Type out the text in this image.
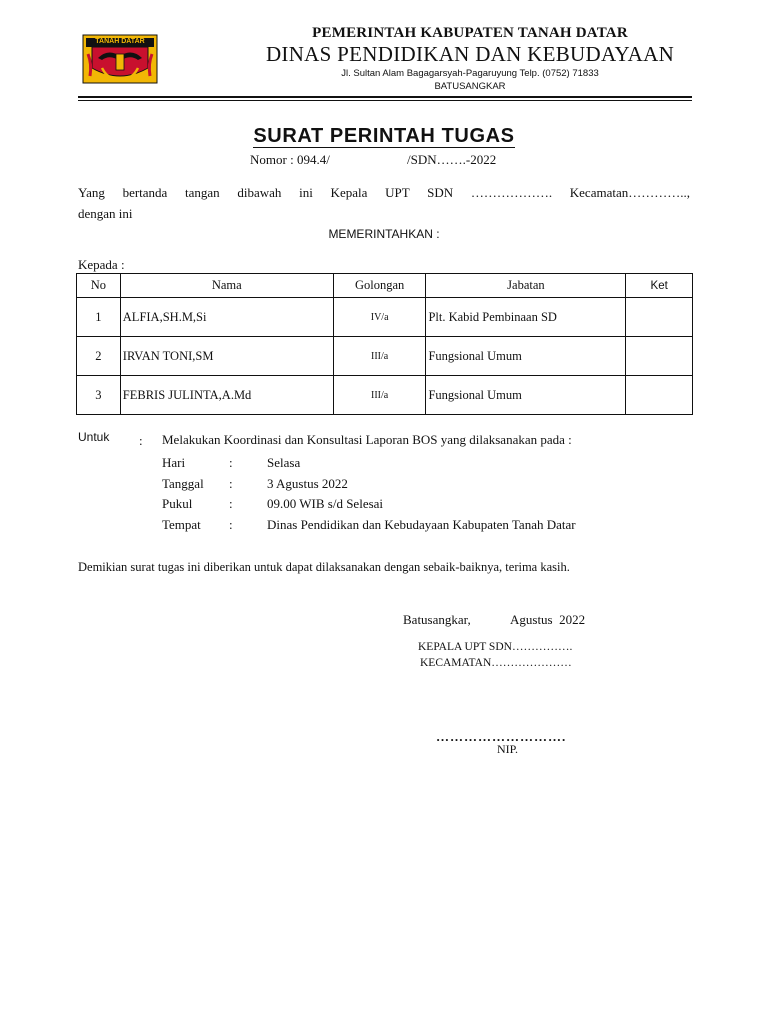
TANAH DATAR
PEMERINTAH KABUPATEN TANAH DATAR
DINAS PENDIDIKAN DAN KEBUDAYAAN
Jl. Sultan Alam Bagagarsyah-Pagaruyung Telp. (0752) 71833
BATUSANGKAR
SURAT PERINTAH TUGAS
Nomor : 094.4/	/SDN…….-2022
Yang bertanda tangan dibawah ini Kepala UPT SDN ………………. Kecamatan…………..,
dengan ini
MEMERINTAHKAN :
Kepada :
No	Nama	Golongan	Jabatan	Ket
1	ALFIA,SH.M,Si	IV/a	Plt. Kabid Pembinaan SD	
2	IRVAN TONI,SM	III/a	Fungsional Umum	
3	FEBRIS JULINTA,A.Md	III/a	Fungsional Umum	
Untuk : Melakukan Koordinasi dan Konsultasi Laporan BOS yang dilaksanakan pada :
Hari	:	Selasa
Tanggal :	3 Agustus 2022
Pukul	:	09.00 WIB s/d Selesai
Tempat :	Dinas Pendidikan dan Kebudayaan Kabupaten Tanah Datar
Demikian surat tugas ini diberikan untuk dapat dilaksanakan dengan sebaik-baiknya, terima kasih.
Batusangkar,	Agustus  2022
KEPALA UPT SDN…………….
KECAMATAN…………………
……………………….
NIP.
